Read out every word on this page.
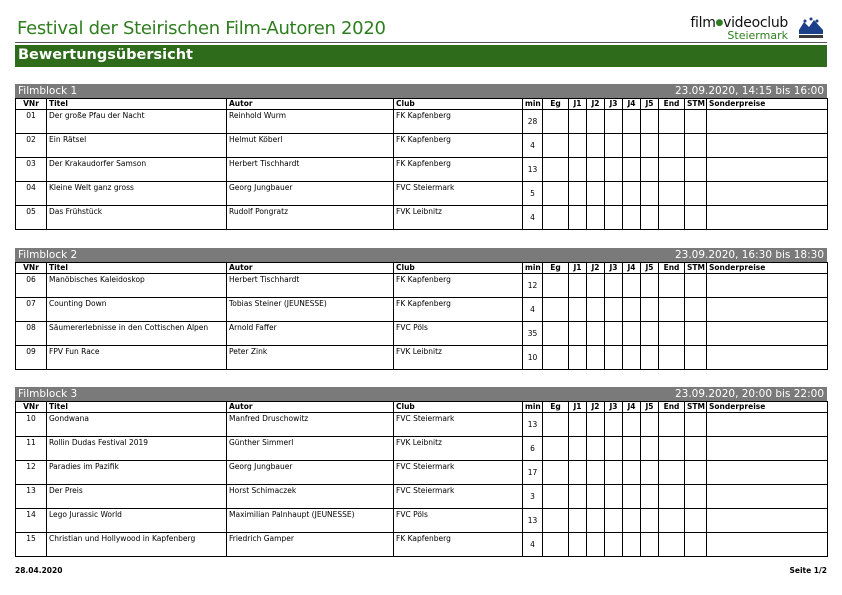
Festival der Steirischen Film-Autoren 2020	film●videoclub
Steiermark
Bewertungsübersicht
Filmblock 1	23.09.2020, 14:15 bis 16:00
VNr	Titel	Autor	Club	min	Eg	J1	J2	J3	J4	J5	End	STM	Sonderpreise
01	Der große Pfau der Nacht	Reinhold Wurm	FK Kapfenberg	28									
02	Ein Rätsel	Helmut Köberl	FK Kapfenberg	4									
03	Der Krakaudorfer Samson	Herbert Tischhardt	FK Kapfenberg	13									
04	Kleine Welt ganz gross	Georg Jungbauer	FVC Steiermark	5									
05	Das Frühstück	Rudolf Pongratz	FVK Leibnitz	4									
Filmblock 2	23.09.2020, 16:30 bis 18:30
VNr	Titel	Autor	Club	min	Eg	J1	J2	J3	J4	J5	End	STM	Sonderpreise
06	Manöbisches Kaleidoskop	Herbert Tischhardt	FK Kapfenberg	12									
07	Counting Down	Tobias Steiner (JEUNESSE)	FK Kapfenberg	4									
08	Säumererlebnisse in den Cottischen Alpen	Arnold Faffer	FVC Pöls	35									
09	FPV Fun Race	Peter Zink	FVK Leibnitz	10									
Filmblock 3	23.09.2020, 20:00 bis 22:00
VNr	Titel	Autor	Club	min	Eg	J1	J2	J3	J4	J5	End	STM	Sonderpreise
10	Gondwana	Manfred Druschowitz	FVC Steiermark	13									
11	Rollin Dudas Festival 2019	Günther Simmerl	FVK Leibnitz	6									
12	Paradies im Pazifik	Georg Jungbauer	FVC Steiermark	17									
13	Der Preis	Horst Schimaczek	FVC Steiermark	3									
14	Lego Jurassic World	Maximilian Palnhaupt (JEUNESSE)	FVC Pöls	13									
15	Christian und Hollywood in Kapfenberg	Friedrich Gamper	FK Kapfenberg	4									
28.04.2020	Seite 1/2
